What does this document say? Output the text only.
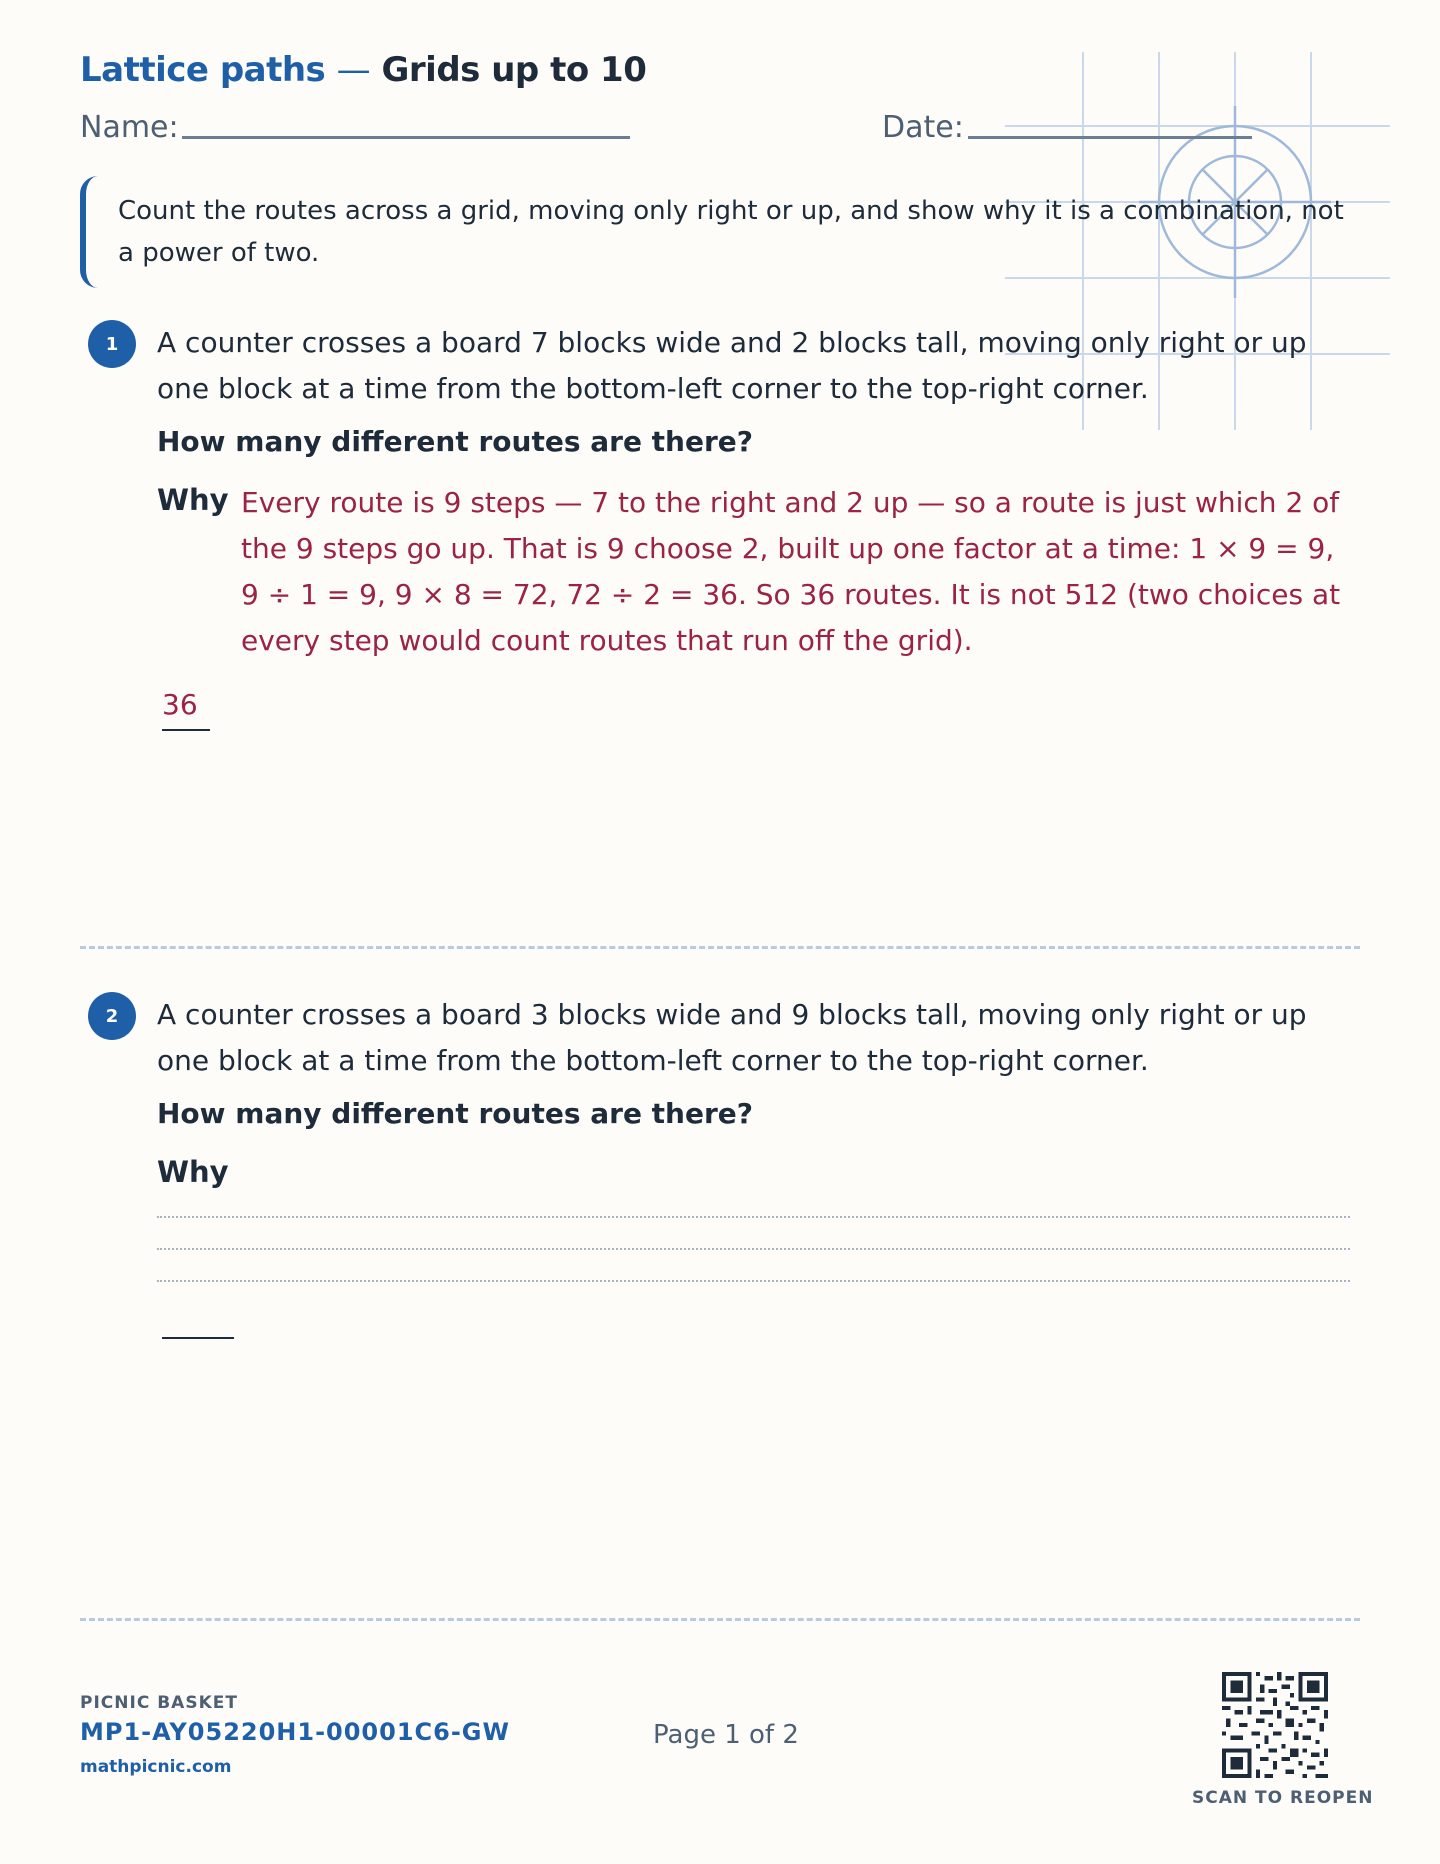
Lattice paths — Grids up to 10
Name:	Date:
Count the routes across a grid, moving only right or up, and show why it is a combination, not a power of two.
1	A counter crosses a board 7 blocks wide and 2 blocks tall, moving only right or up one block at a time from the bottom-left corner to the top-right corner.
How many different routes are there?
Why Every route is 9 steps — 7 to the right and 2 up — so a route is just which 2 of the 9 steps go up. That is 9 choose 2, built up one factor at a time: 1 × 9 = 9, 9 ÷ 1 = 9, 9 × 8 = 72, 72 ÷ 2 = 36. So 36 routes. It is not 512 (two choices at every step would count routes that run off the grid).
36
2	A counter crosses a board 3 blocks wide and 9 blocks tall, moving only right or up one block at a time from the bottom-left corner to the top-right corner.
How many different routes are there?
Why
PICNIC BASKET
MP1-AY05220H1-00001C6-GW
mathpicnic.com
Page 1 of 2
SCAN TO REOPEN
